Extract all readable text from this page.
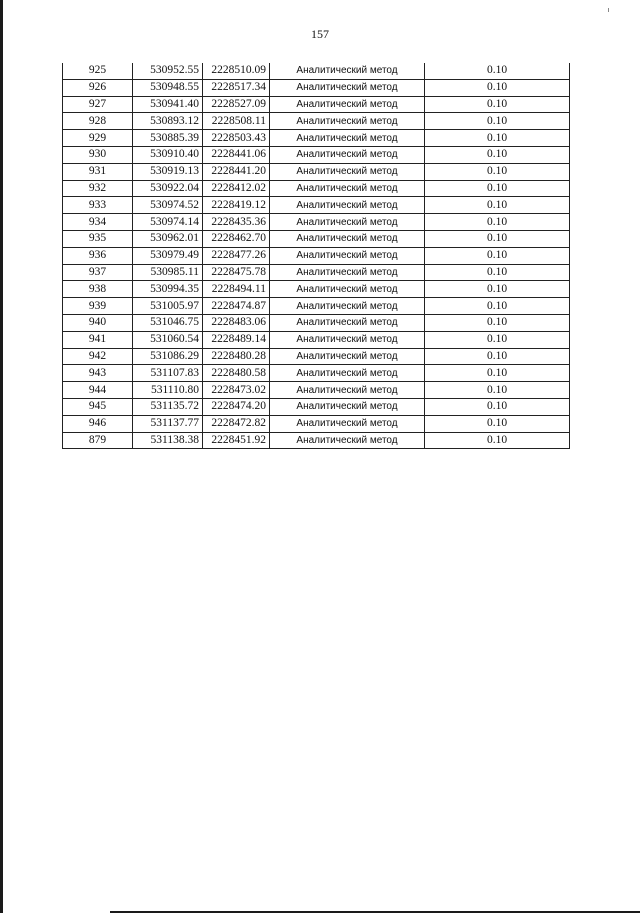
157
925	530952.55	2228510.09	Аналитический метод	0.10
926	530948.55	2228517.34	Аналитический метод	0.10
927	530941.40	2228527.09	Аналитический метод	0.10
928	530893.12	2228508.11	Аналитический метод	0.10
929	530885.39	2228503.43	Аналитический метод	0.10
930	530910.40	2228441.06	Аналитический метод	0.10
931	530919.13	2228441.20	Аналитический метод	0.10
932	530922.04	2228412.02	Аналитический метод	0.10
933	530974.52	2228419.12	Аналитический метод	0.10
934	530974.14	2228435.36	Аналитический метод	0.10
935	530962.01	2228462.70	Аналитический метод	0.10
936	530979.49	2228477.26	Аналитический метод	0.10
937	530985.11	2228475.78	Аналитический метод	0.10
938	530994.35	2228494.11	Аналитический метод	0.10
939	531005.97	2228474.87	Аналитический метод	0.10
940	531046.75	2228483.06	Аналитический метод	0.10
941	531060.54	2228489.14	Аналитический метод	0.10
942	531086.29	2228480.28	Аналитический метод	0.10
943	531107.83	2228480.58	Аналитический метод	0.10
944	531110.80	2228473.02	Аналитический метод	0.10
945	531135.72	2228474.20	Аналитический метод	0.10
946	531137.77	2228472.82	Аналитический метод	0.10
879	531138.38	2228451.92	Аналитический метод	0.10
